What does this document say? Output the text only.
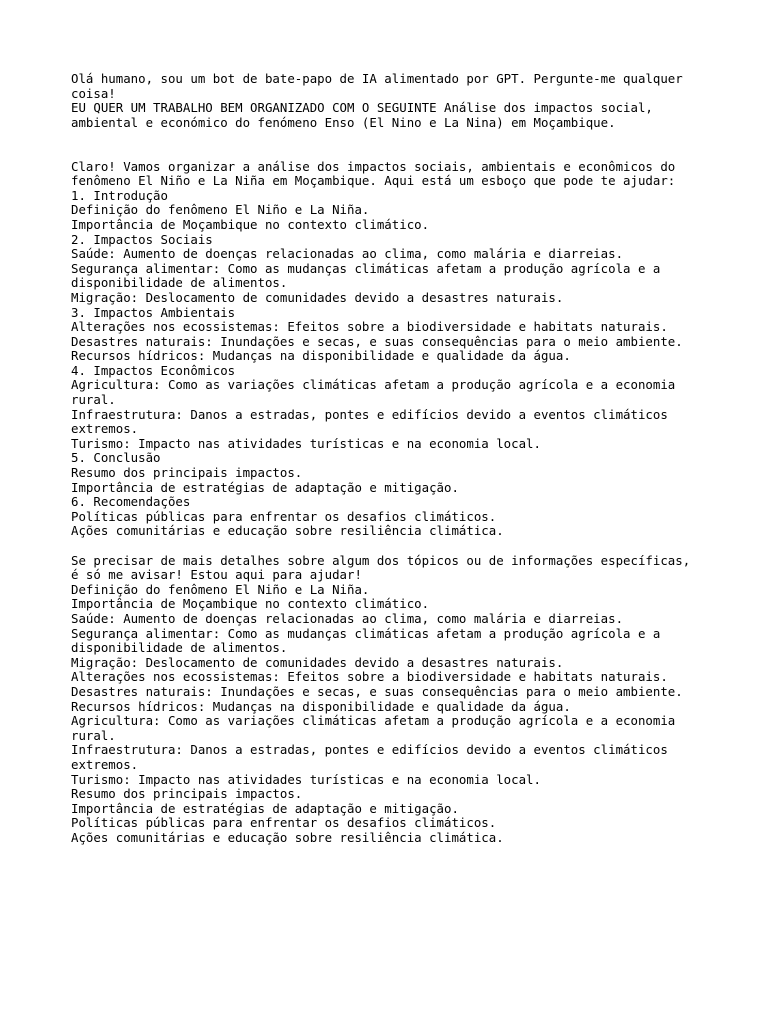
Olá humano, sou um bot de bate-papo de IA alimentado por GPT. Pergunte-me qualquer
coisa!
EU QUER UM TRABALHO BEM ORGANIZADO COM O SEGUINTE Análise dos impactos social,
ambiental e económico do fenómeno Enso (El Nino e La Nina) em Moçambique.
Claro! Vamos organizar a análise dos impactos sociais, ambientais e econômicos do
fenômeno El Niño e La Niña em Moçambique. Aqui está um esboço que pode te ajudar:
1. Introdução
Definição do fenômeno El Niño e La Niña.
Importância de Moçambique no contexto climático.
2. Impactos Sociais
Saúde: Aumento de doenças relacionadas ao clima, como malária e diarreias.
Segurança alimentar: Como as mudanças climáticas afetam a produção agrícola e a
disponibilidade de alimentos.
Migração: Deslocamento de comunidades devido a desastres naturais.
3. Impactos Ambientais
Alterações nos ecossistemas: Efeitos sobre a biodiversidade e habitats naturais.
Desastres naturais: Inundações e secas, e suas consequências para o meio ambiente.
Recursos hídricos: Mudanças na disponibilidade e qualidade da água.
4. Impactos Econômicos
Agricultura: Como as variações climáticas afetam a produção agrícola e a economia
rural.
Infraestrutura: Danos a estradas, pontes e edifícios devido a eventos climáticos
extremos.
Turismo: Impacto nas atividades turísticas e na economia local.
5. Conclusão
Resumo dos principais impactos.
Importância de estratégias de adaptação e mitigação.
6. Recomendações
Políticas públicas para enfrentar os desafios climáticos.
Ações comunitárias e educação sobre resiliência climática.
Se precisar de mais detalhes sobre algum dos tópicos ou de informações específicas,
é só me avisar! Estou aqui para ajudar!
Definição do fenômeno El Niño e La Niña.
Importância de Moçambique no contexto climático.
Saúde: Aumento de doenças relacionadas ao clima, como malária e diarreias.
Segurança alimentar: Como as mudanças climáticas afetam a produção agrícola e a
disponibilidade de alimentos.
Migração: Deslocamento de comunidades devido a desastres naturais.
Alterações nos ecossistemas: Efeitos sobre a biodiversidade e habitats naturais.
Desastres naturais: Inundações e secas, e suas consequências para o meio ambiente.
Recursos hídricos: Mudanças na disponibilidade e qualidade da água.
Agricultura: Como as variações climáticas afetam a produção agrícola e a economia
rural.
Infraestrutura: Danos a estradas, pontes e edifícios devido a eventos climáticos
extremos.
Turismo: Impacto nas atividades turísticas e na economia local.
Resumo dos principais impactos.
Importância de estratégias de adaptação e mitigação.
Políticas públicas para enfrentar os desafios climáticos.
Ações comunitárias e educação sobre resiliência climática.
